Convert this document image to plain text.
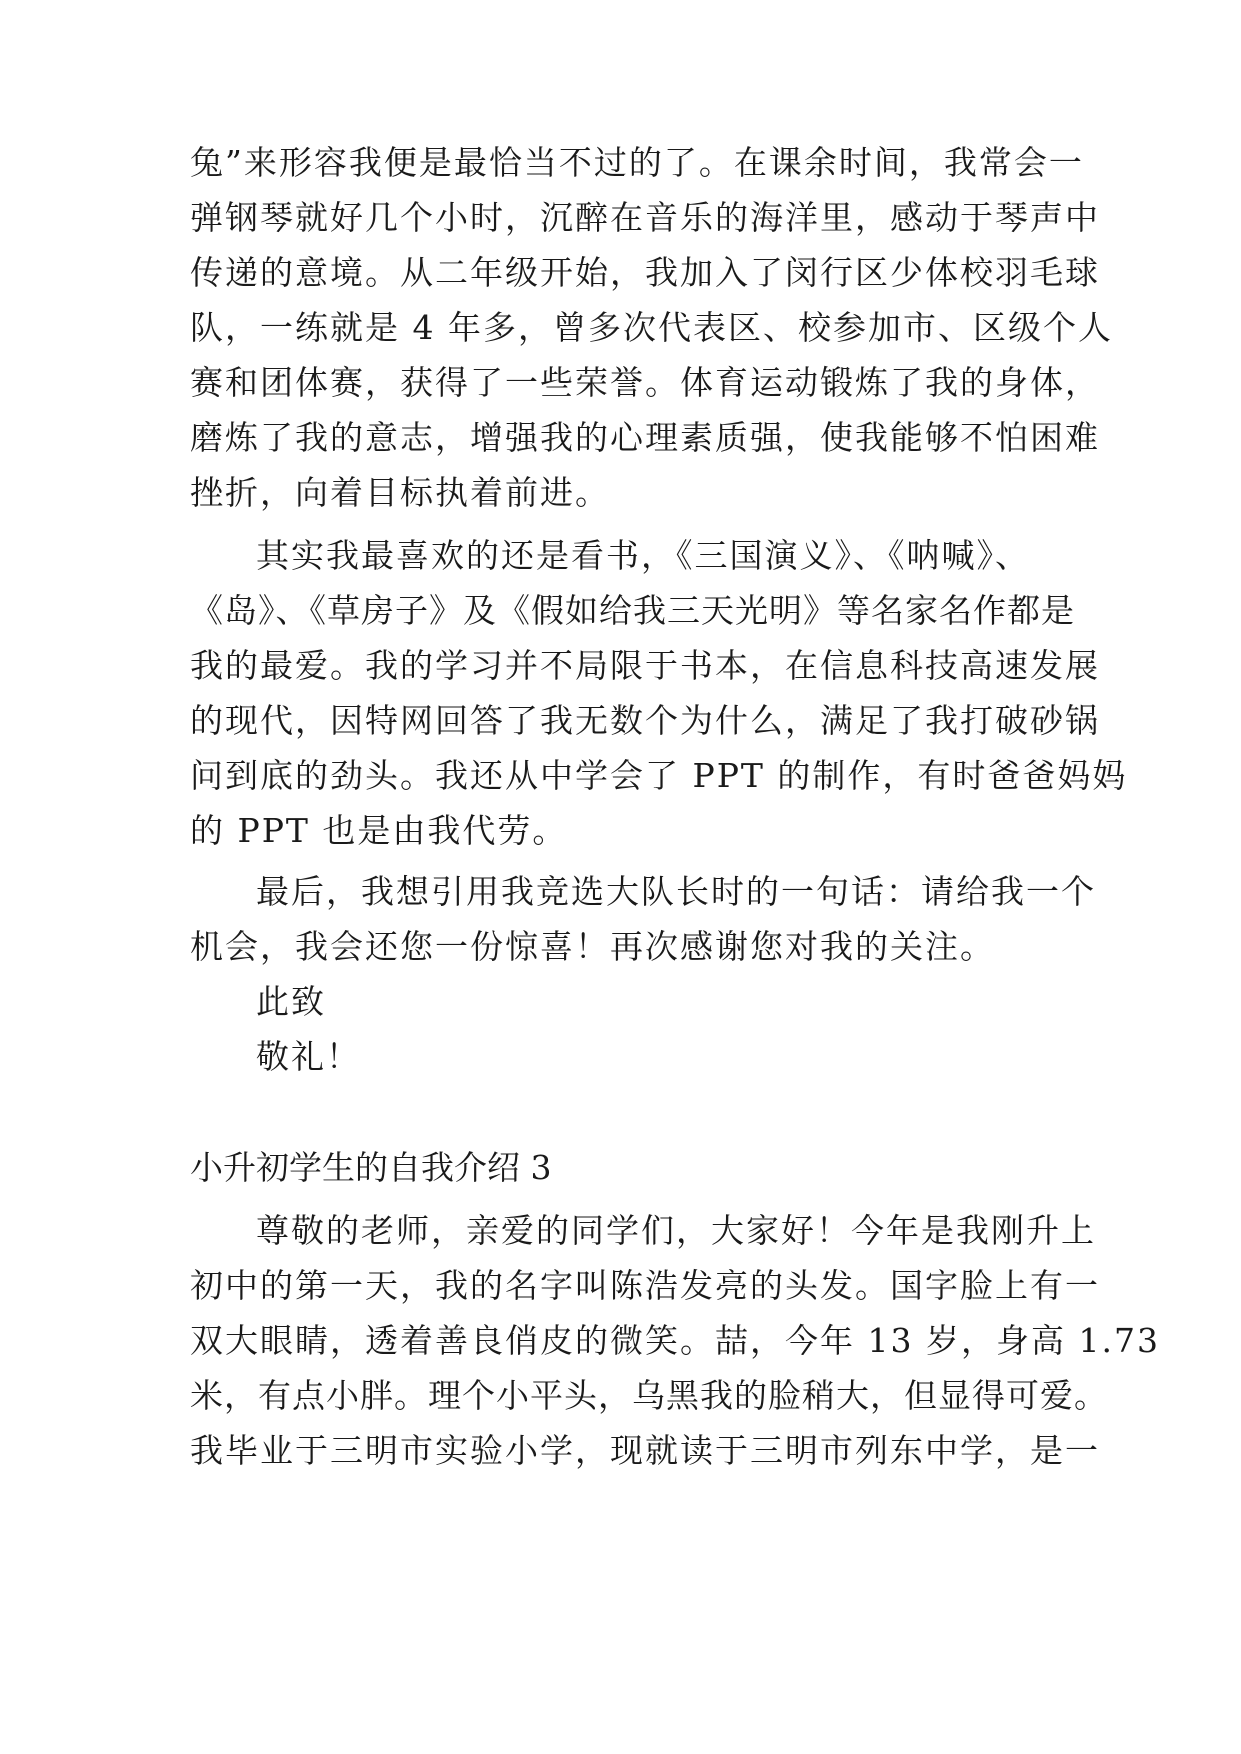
兔”来形容我便是最恰当不过的了。在课余时间，我常会一
弹钢琴就好几个小时，沉醉在音乐的海洋里，感动于琴声中
传递的意境。从二年级开始，我加入了闵行区少体校羽毛球
队，一练就是 4 年多，曾多次代表区、校参加市、区级个人
赛和团体赛，获得了一些荣誉。体育运动锻炼了我的身体，
磨炼了我的意志，增强我的心理素质强，使我能够不怕困难
挫折，向着目标执着前进。
其实我最喜欢的还是看书，《三国演义》、《呐喊》、
《岛》、《草房子》及《假如给我三天光明》等名家名作都是
我的最爱。我的学习并不局限于书本，在信息科技高速发展
的现代，因特网回答了我无数个为什么，满足了我打破砂锅
问到底的劲头。我还从中学会了 PPT 的制作，有时爸爸妈妈
的 PPT 也是由我代劳。
最后，我想引用我竞选大队长时的一句话：请给我一个
机会，我会还您一份惊喜！再次感谢您对我的关注。
此致
敬礼！
小升初学生的自我介绍 3
尊敬的老师，亲爱的同学们，大家好！今年是我刚升上
初中的第一天，我的名字叫陈浩发亮的头发。国字脸上有一
双大眼睛，透着善良俏皮的微笑。喆，今年 13 岁，身高 1.73
米，有点小胖。理个小平头，乌黑我的脸稍大，但显得可爱。
我毕业于三明市实验小学，现就读于三明市列东中学，是一
